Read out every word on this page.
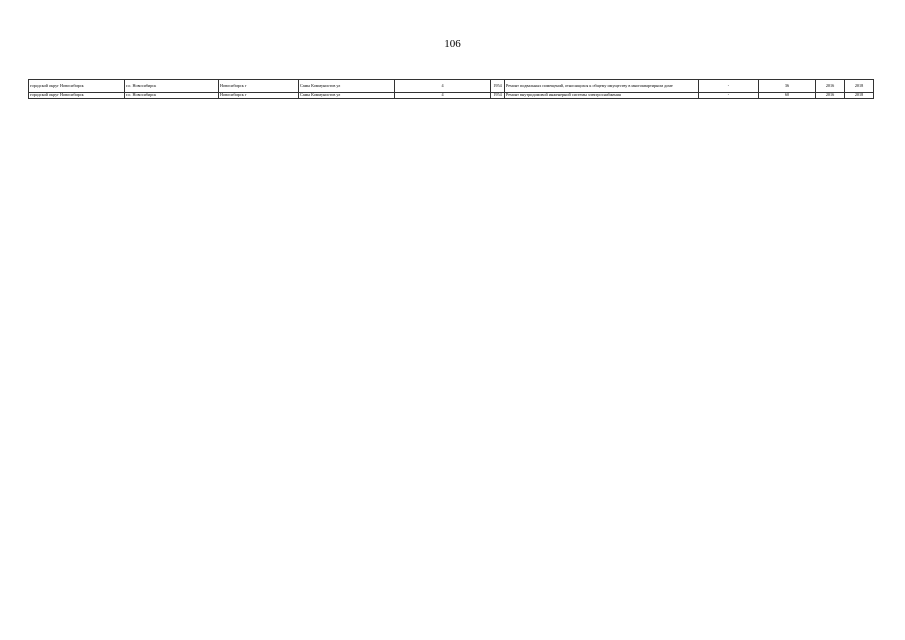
106
городской округ Новосибирск	г.о. Новосибирск	Новосибирск г	Самы Коммунистов ул	4	1954	Ремонт подвальных помещений, относящихся к общему имуществу в многоквартирном доме	-	36	2016	2018
городской округ Новосибирск	г.о. Новосибирск	Новосибирск г	Самы Коммунистов ул	4	1954	Ремонт внутридомовой инженерной системы электроснабжения	-	60	2016	2018
